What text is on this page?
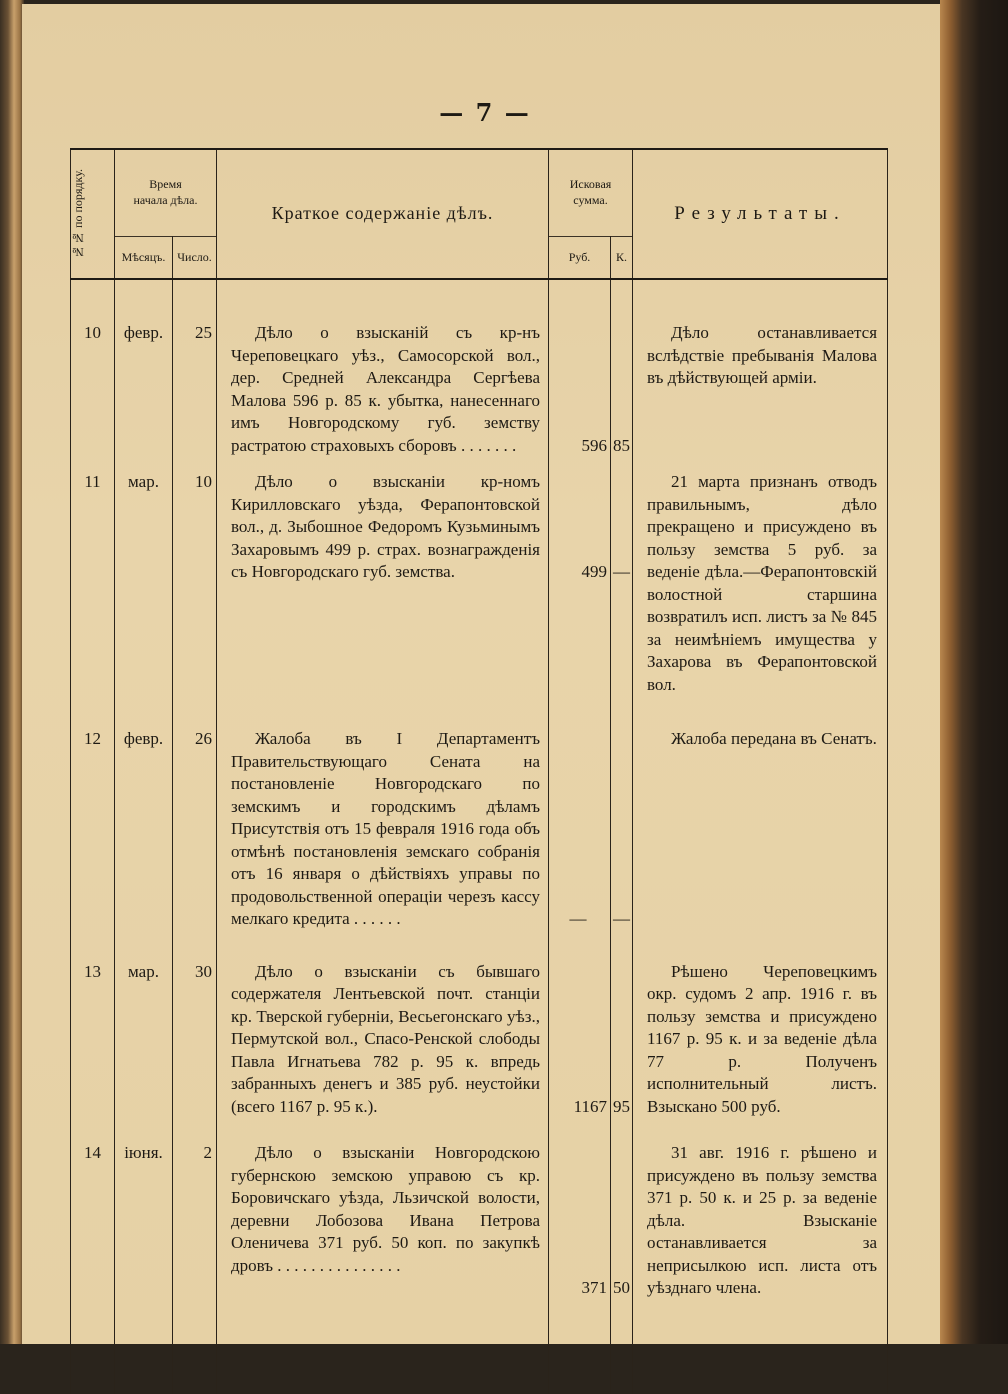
— 7 —
№№ по порядку.	Время начала дѣла.		Краткое содержаніе дѣлъ.	Исковая сумма.		Результаты.
	Мѣсяцъ.	Число.		Руб.	К.	

10	февр.	25	Дѣло о взысканій съ кр-нъ Череповецкаго уѣз., Самосорской вол., дер. Средней Александра Сергѣева Малова 596 р. 85 к. убытка, нанесеннаго имъ Новгородскому губ. земству растратою страховыхъ сборовъ . . . . . . .	596	85	Дѣло останавливается вслѣдствіе пребыванія Малова въ дѣйствующей арміи.

11	мар.	10	Дѣло о взысканіи кр-номъ Кирилловскаго уѣзда, Ферапонтовской вол., д. Зыбошное Федоромъ Кузьминымъ Захаровымъ 499 р. страх. вознагражденія съ Новгородскаго губ. земства.	499	—	21 марта признанъ отводъ правильнымъ, дѣло прекращено и присуждено въ пользу земства 5 руб. за веденіе дѣла.—Ферапонтовскій волостной старшина возвратилъ исп. листъ за № 845 за неимѣніемъ имущества у Захарова въ Ферапонтовской вол.

12	февр.	26	Жалоба въ I Департаментъ Правительствующаго Сената на постановленіе Новгородскаго по земскимъ и городскимъ дѣламъ Присутствія отъ 15 февраля 1916 года объ отмѣнѣ постановленія земскаго собранія отъ 16 января о дѣйствіяхъ управы по продовольственной операціи черезъ кассу мелкаго кредита . . . . . .	—	—	Жалоба передана въ Сенатъ.

13	мар.	30	Дѣло о взысканіи съ бывшаго содержателя Лентьевской почт. станціи кр. Тверской губерніи, Весьегонскаго уѣз., Пермутской вол., Спасо-Ренской слободы Павла Игнатьева 782 р. 95 к. впредь забранныхъ денегъ и 385 руб. неустойки (всего 1167 р. 95 к.).	1167	95	Рѣшено Череповецкимъ окр. судомъ 2 апр. 1916 г. въ пользу земства и присуждено 1167 р. 95 к. и за веденіе дѣла 77 р. Полученъ исполнительный листъ. Взыскано 500 руб.

14	іюня.	2	Дѣло о взысканіи Новгородскою губернскою земскою управою съ кр. Боровичскаго уѣзда, Льзичской волости, деревни Лобозова Ивана Петрова Оленичева 371 руб. 50 коп. по закупкѣ дровъ . . . . . . . . . . . . . . .	371	50	31 авг. 1916 г. рѣшено и присуждено въ пользу земства 371 р. 50 к. и 25 р. за веденіе дѣла. Взысканіе останавливается за неприсылкою исп. листа отъ уѣзднаго члена.
